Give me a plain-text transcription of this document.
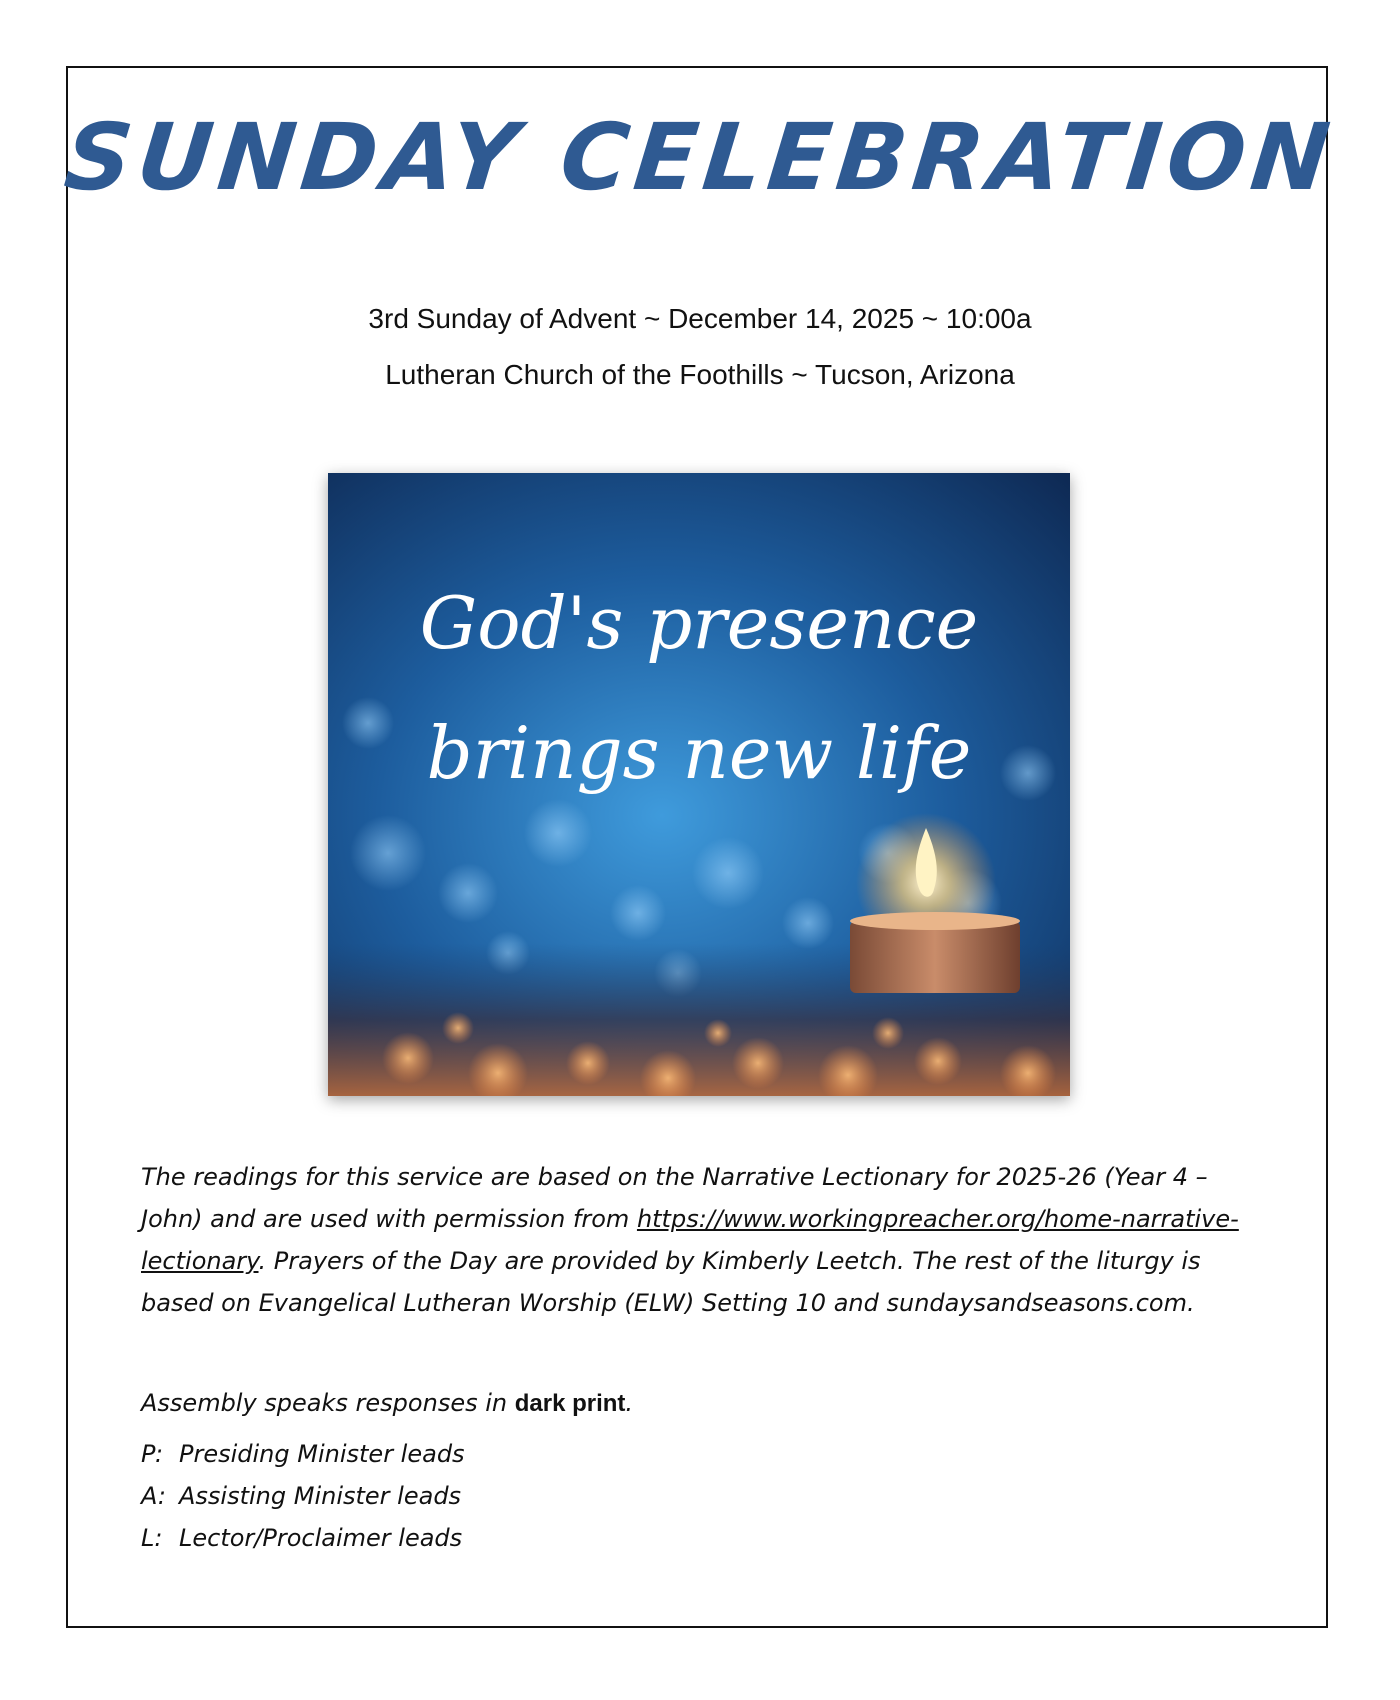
SUNDAY CELEBRATION
3rd Sunday of Advent ~ December 14, 2025 ~ 10:00a
Lutheran Church of the Foothills ~ Tucson, Arizona
God's presence
brings new life
The readings for this service are based on the Narrative Lectionary for 2025-26 (Year 4 – John) and are used with permission from https://www.workingpreacher.org/home-narrative-lectionary. Prayers of the Day are provided by Kimberly Leetch. The rest of the liturgy is based on Evangelical Lutheran Worship (ELW) Setting 10 and sundaysandseasons.com.
Assembly speaks responses in dark print.
P: Presiding Minister leads
A: Assisting Minister leads
L: Lector/Proclaimer leads
